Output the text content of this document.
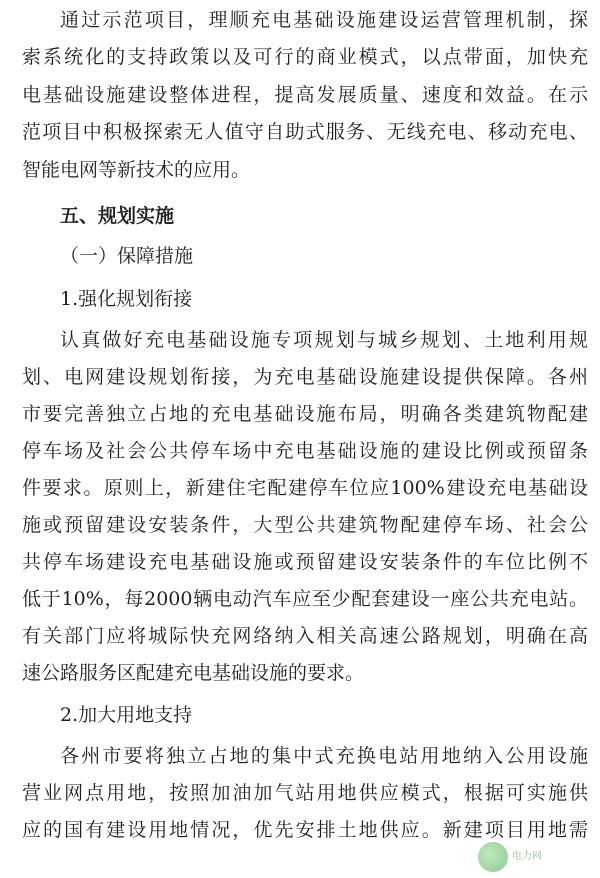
通过示范项目，理顺充电基础设施建设运营管理机制，探
索系统化的支持政策以及可行的商业模式，以点带面，加快充
电基础设施建设整体进程，提高发展质量、速度和效益。在示
范项目中积极探索无人值守自助式服务、无线充电、移动充电、
智能电网等新技术的应用。
五、规划实施
（一）保障措施
1.强化规划衔接
认真做好充电基础设施专项规划与城乡规划、土地利用规
划、电网建设规划衔接，为充电基础设施建设提供保障。各州
市要完善独立占地的充电基础设施布局，明确各类建筑物配建
停车场及社会公共停车场中充电基础设施的建设比例或预留条
件要求。原则上，新建住宅配建停车位应100%建设充电基础设
施或预留建设安装条件，大型公共建筑物配建停车场、社会公
共停车场建设充电基础设施或预留建设安装条件的车位比例不
低于10%，每2000辆电动汽车应至少配套建设一座公共充电站。
有关部门应将城际快充网络纳入相关高速公路规划，明确在高
速公路服务区配建充电基础设施的要求。
2.加大用地支持
各州市要将独立占地的集中式充换电站用地纳入公用设施
营业网点用地，按照加油加气站用地供应模式，根据可实施供
应的国有建设用地情况，优先安排土地供应。新建项目用地需
电力网
